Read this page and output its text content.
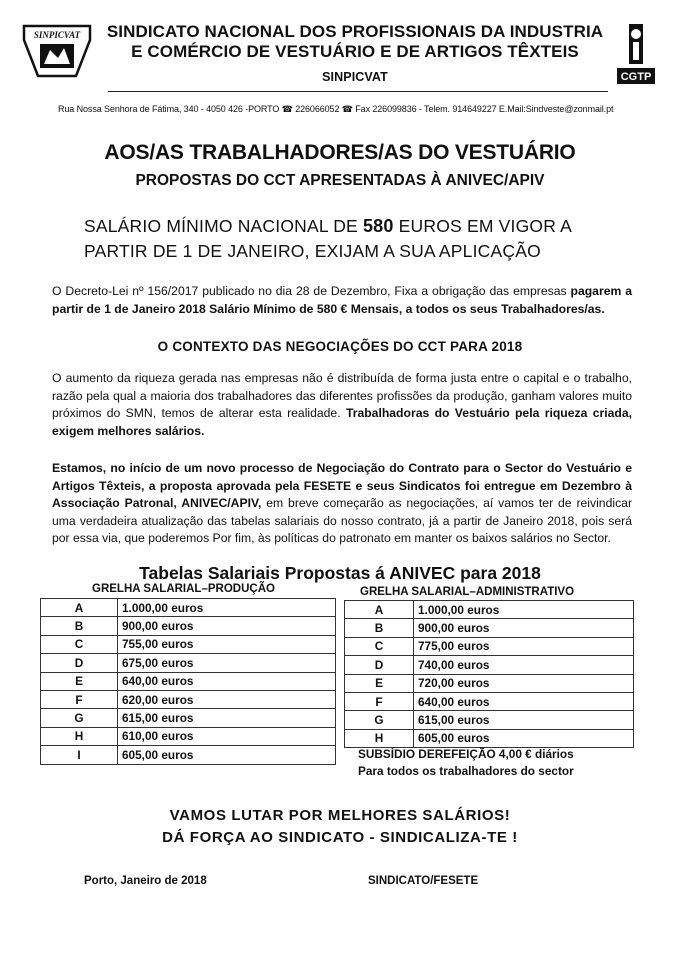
SINPICVAT
CGTP
SINDICATO NACIONAL DOS PROFISSIONAIS DA INDUSTRIA
E COMÉRCIO DE VESTUÁRIO E DE ARTIGOS TÊXTEIS
SINPICVAT
Rua Nossa Senhora de Fátima, 340 - 4050 426 -PORTO ☎ 226066052 ☎ Fax 226099836 - Telem. 914649227 E.Mail:Sindveste@zonmail.pt
AOS/AS TRABALHADORES/AS DO VESTUÁRIO
PROPOSTAS DO CCT APRESENTADAS À ANIVEC/APIV
SALÁRIO MÍNIMO NACIONAL DE 580 EUROS EM VIGOR A
PARTIR DE 1 DE JANEIRO, EXIJAM A SUA APLICAÇÃO
O Decreto-Lei nº 156/2017 publicado no dia 28 de Dezembro, Fixa a obrigação das empresas pagarem a partir de 1 de Janeiro 2018 Salário Mínimo de 580 € Mensais, a todos os seus Trabalhadores/as.
O CONTEXTO DAS NEGOCIAÇÕES DO CCT PARA 2018
O aumento da riqueza gerada nas empresas não é distribuída de forma justa entre o capital e o trabalho, razão pela qual a maioria dos trabalhadores das diferentes profissões da produção, ganham valores muito próximos do SMN, temos de alterar esta realidade. Trabalhadoras do Vestuário pela riqueza criada, exigem melhores salários.
Estamos, no início de um novo processo de Negociação do Contrato para o Sector do Vestuário e Artigos Têxteis, a proposta aprovada pela FESETE e seus Sindicatos foi entregue em Dezembro à Associação Patronal, ANIVEC/APIV, em breve começarão as negociações, aí vamos ter de reivindicar uma verdadeira atualização das tabelas salariais do nosso contrato, já a partir de Janeiro 2018, pois será por essa via, que poderemos Por fim, às políticas do patronato em manter os baixos salários no Sector.
Tabelas Salariais Propostas á ANIVEC para 2018
GRELHA SALARIAL–PRODUÇÃO	GRELHA SALARIAL–ADMINISTRATIVO
A	1.000,00 euros
B	900,00 euros
C	755,00 euros
D	675,00 euros
E	640,00 euros
F	620,00 euros
G	615,00 euros
H	610,00 euros
I	605,00 euros
A	1.000,00 euros
B	900,00 euros
C	775,00 euros
D	740,00 euros
E	720,00 euros
F	640,00 euros
G	615,00 euros
H	605,00 euros
SUBSÍDIO DEREFEIÇÃO 4,00 € diários
Para todos os trabalhadores do sector
VAMOS LUTAR POR MELHORES SALÁRIOS!
DÁ FORÇA AO SINDICATO - SINDICALIZA-TE !
Porto, Janeiro de 2018	SINDICATO/FESETE
